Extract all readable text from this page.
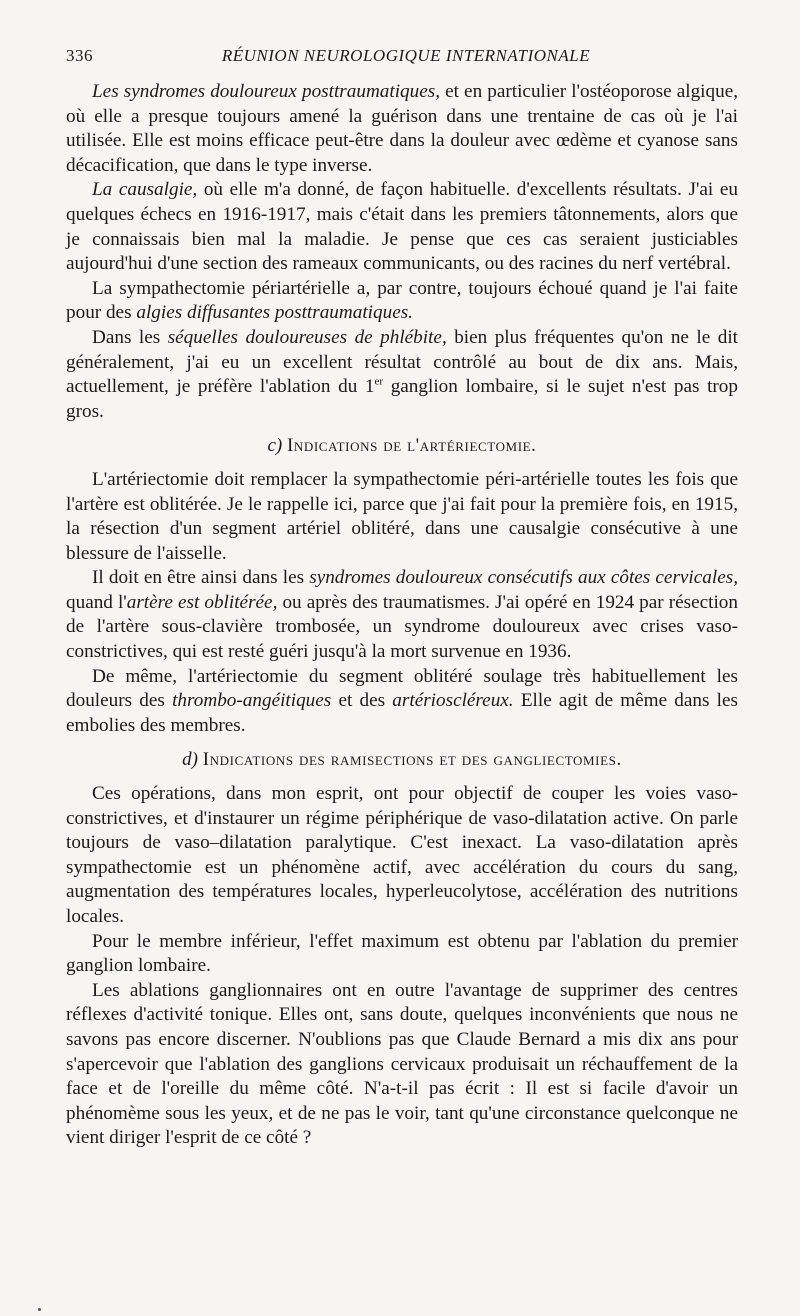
336	RÉUNION NEUROLOGIQUE INTERNATIONALE

Les syndromes douloureux posttraumatiques, et en particulier l'ostéoporose algique, où elle a presque toujours amené la guérison dans une trentaine de cas où je l'ai utilisée. Elle est moins efficace peut-être dans la douleur avec œdème et cyanose sans décacification, que dans le type inverse.

La causalgie, où elle m'a donné, de façon habituelle. d'excellents résultats. J'ai eu quelques échecs en 1916-1917, mais c'était dans les premiers tâtonnements, alors que je connaissais bien mal la maladie. Je pense que ces cas seraient justiciables aujourd'hui d'une section des rameaux communicants, ou des racines du nerf vertébral.

La sympathectomie périartérielle a, par contre, toujours échoué quand je l'ai faite pour des algies diffusantes posttraumatiques.

Dans les séquelles douloureuses de phlébite, bien plus fréquentes qu'on ne le dit généralement, j'ai eu un excellent résultat contrôlé au bout de dix ans. Mais, actuellement, je préfère l'ablation du 1er ganglion lombaire, si le sujet n'est pas trop gros.

c) Indications de l'artériectomie.

L'artériectomie doit remplacer la sympathectomie péri-artérielle toutes les fois que l'artère est oblitérée. Je le rappelle ici, parce que j'ai fait pour la première fois, en 1915, la résection d'un segment artériel oblitéré, dans une causalgie consécutive à une blessure de l'aisselle.

Il doit en être ainsi dans les syndromes douloureux consécutifs aux côtes cervicales, quand l'artère est oblitérée, ou après des traumatismes. J'ai opéré en 1924 par résection de l'artère sous-clavière trombosée, un syndrome douloureux avec crises vaso-constrictives, qui est resté guéri jusqu'à la mort survenue en 1936.

De même, l'artériectomie du segment oblitéré soulage très habituellement les douleurs des thrombo-angéitiques et des artérioscléreux. Elle agit de même dans les embolies des membres.

d) Indications des ramisections et des gangliectomies.

Ces opérations, dans mon esprit, ont pour objectif de couper les voies vaso-constrictives, et d'instaurer un régime périphérique de vaso-dilatation active. On parle toujours de vaso–dilatation paralytique. C'est inexact. La vaso-dilatation après sympathectomie est un phénomène actif, avec accélération du cours du sang, augmentation des températures locales, hyperleucolytose, accélération des nutritions locales.

Pour le membre inférieur, l'effet maximum est obtenu par l'ablation du premier ganglion lombaire.

Les ablations ganglionnaires ont en outre l'avantage de supprimer des centres réflexes d'activité tonique. Elles ont, sans doute, quelques inconvénients que nous ne savons pas encore discerner. N'oublions pas que Claude Bernard a mis dix ans pour s'apercevoir que l'ablation des ganglions cervicaux produisait un réchauffement de la face et de l'oreille du même côté. N'a-t-il pas écrit : Il est si facile d'avoir un phénomème sous les yeux, et de ne pas le voir, tant qu'une circonstance quelconque ne vient diriger l'esprit de ce côté ?
